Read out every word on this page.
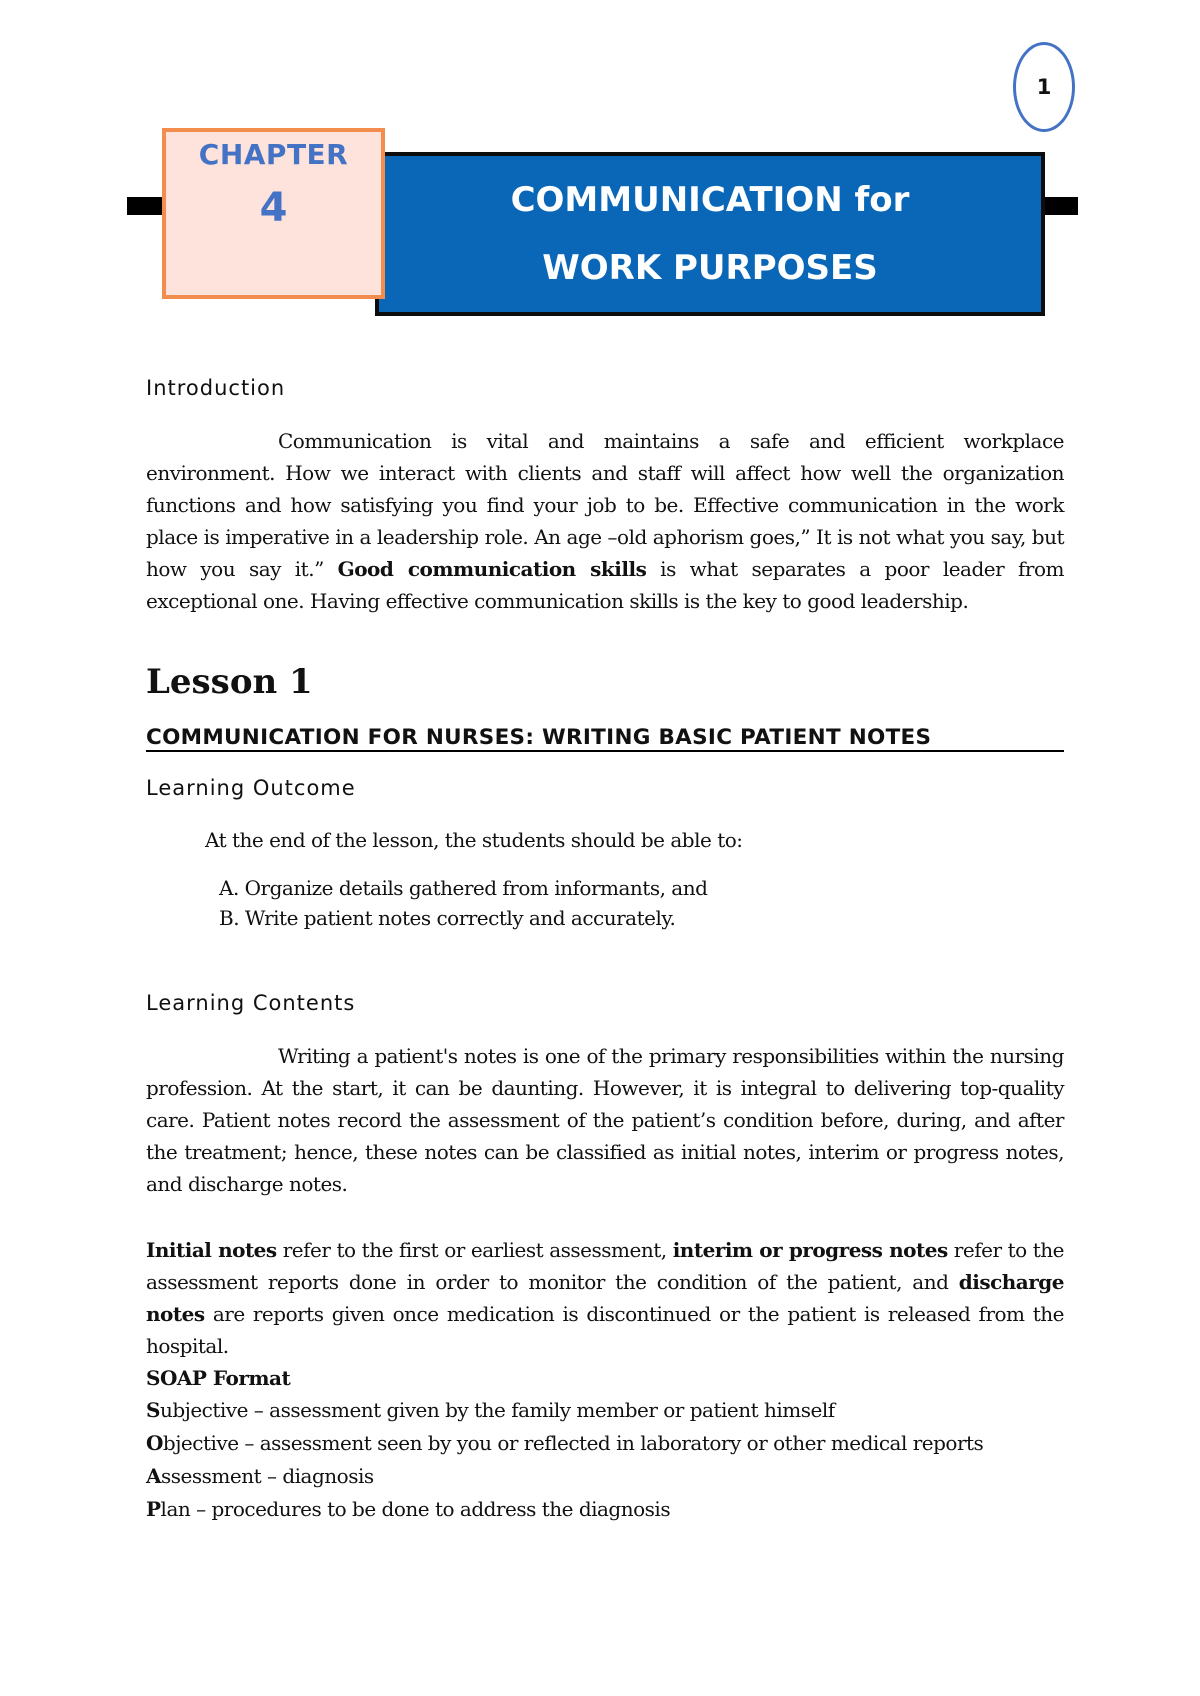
1
COMMUNICATION for
WORK PURPOSES
CHAPTER
4
Introduction
Communication is vital and maintains a safe and efficient workplace environment. How we interact with clients and staff will affect how well the organization functions and how satisfying you find your job to be. Effective communication in the work place is imperative in a leadership role. An age –old aphorism goes,” It is not what you say, but how you say it.” Good communication skills is what separates a poor leader from exceptional one. Having effective communication skills is the key to good leadership.
Lesson 1
COMMUNICATION FOR NURSES: WRITING BASIC PATIENT NOTES
Learning Outcome
At the end of the lesson, the students should be able to:
A. Organize details gathered from informants, and
B. Write patient notes correctly and accurately.
Learning Contents
Writing a patient's notes is one of the primary responsibilities within the nursing profession. At the start, it can be daunting. However, it is integral to delivering top-quality care. Patient notes record the assessment of the patient’s condition before, during, and after the treatment; hence, these notes can be classified as initial notes, interim or progress notes, and discharge notes.
Initial notes refer to the first or earliest assessment, interim or progress notes refer to the assessment reports done in order to monitor the condition of the patient, and discharge notes are reports given once medication is discontinued or the patient is released from the hospital.
SOAP Format
Subjective – assessment given by the family member or patient himself
Objective – assessment seen by you or reflected in laboratory or other medical reports
Assessment – diagnosis
Plan – procedures to be done to address the diagnosis
